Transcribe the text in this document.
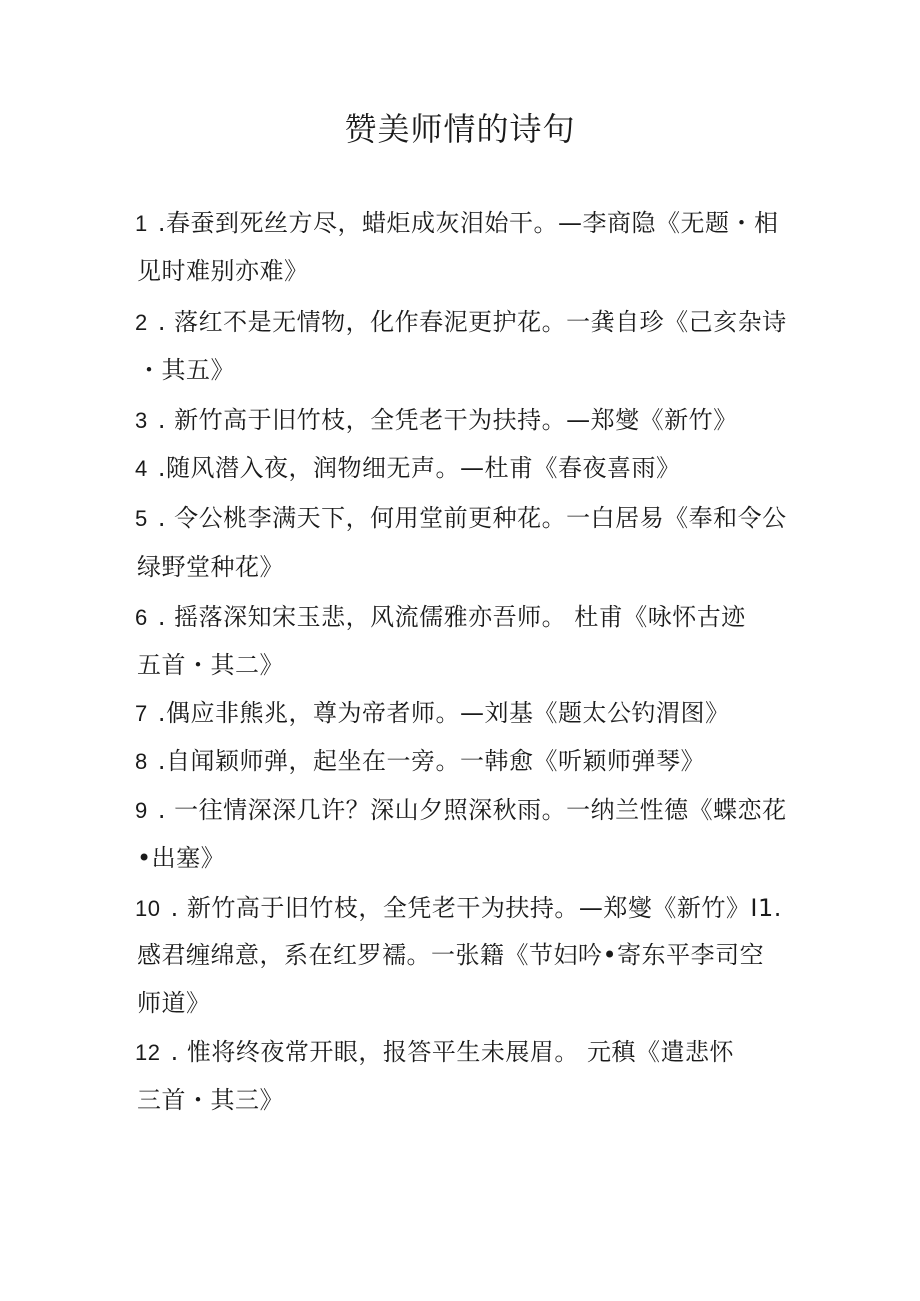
赞美师情的诗句
1 .春蚕到死丝方尽，蜡炬成灰泪始干。—李商隐《无题・相
见时难别亦难》
2 . 落红不是无情物，化作春泥更护花。一龚自珍《己亥杂诗
・其五》
3 . 新竹高于旧竹枝，全凭老干为扶持。—郑燮《新竹》
4 .随风潜入夜，润物细无声。—杜甫《春夜喜雨》
5 . 令公桃李满天下，何用堂前更种花。一白居易《奉和令公
绿野堂种花》
6 . 摇落深知宋玉悲，风流儒雅亦吾师。 杜甫《咏怀古迹
五首・其二》
7 .偶应非熊兆，尊为帝者师。—刘基《题太公钓渭图》
8 .自闻颖师弹，起坐在一旁。一韩愈《听颖师弹琴》
9 . 一往情深深几许？深山夕照深秋雨。一纳兰性德《蝶恋花
•出塞》
10 . 新竹高于旧竹枝，全凭老干为扶持。—郑燮《新竹》I1.
感君缠绵意，系在红罗襦。一张籍《节妇吟•寄东平李司空
师道》
12 . 惟将终夜常开眼，报答平生未展眉。 元稹《遣悲怀
三首・其三》
